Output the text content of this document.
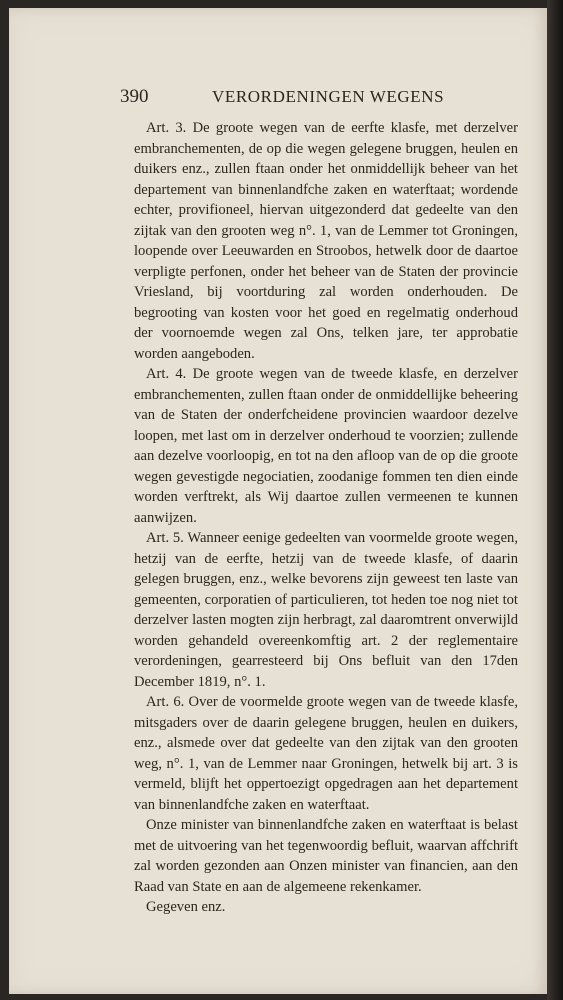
390	VERORDENINGEN WEGENS

Art. 3. De groote wegen van de eerfte klasfe, met derzelver embranchementen, de op die wegen gelegene bruggen, heulen en duikers enz., zullen ftaan onder het onmiddellijk beheer van het departement van binnenlandfche zaken en waterftaat; wordende echter, provifioneel, hiervan uitgezonderd dat gedeelte van den zijtak van den grooten weg n°. 1, van de Lemmer tot Groningen, loopende over Leeuwarden en Stroobos, hetwelk door de daartoe verpligte perfonen, onder het beheer van de Staten der provincie Vriesland, bij voortduring zal worden onderhouden. De begrooting van kosten voor het goed en regelmatig onderhoud der voornoemde wegen zal Ons, telken jare, ter approbatie worden aangeboden.

Art. 4. De groote wegen van de tweede klasfe, en derzelver embranchementen, zullen ftaan onder de onmiddellijke beheering van de Staten der onderfcheidene provincien waardoor dezelve loopen, met last om in derzelver onderhoud te voorzien; zullende aan dezelve voorloopig, en tot na den afloop van de op die groote wegen gevestigde negociatien, zoodanige fommen ten dien einde worden verftrekt, als Wij daartoe zullen vermeenen te kunnen aanwijzen.

Art. 5. Wanneer eenige gedeelten van voormelde groote wegen, hetzij van de eerfte, hetzij van de tweede klasfe, of daarin gelegen bruggen, enz., welke bevorens zijn geweest ten laste van gemeenten, corporatien of particulieren, tot heden toe nog niet tot derzelver lasten mogten zijn herbragt, zal daaromtrent onverwijld worden gehandeld overeenkomftig art. 2 der reglementaire verordeningen, gearresteerd bij Ons befluit van den 17den December 1819, n°. 1.

Art. 6. Over de voormelde groote wegen van de tweede klasfe, mitsgaders over de daarin gelegene bruggen, heulen en duikers, enz., alsmede over dat gedeelte van den zijtak van den grooten weg, n°. 1, van de Lemmer naar Groningen, hetwelk bij art. 3 is vermeld, blijft het oppertoezigt opgedragen aan het departement van binnenlandfche zaken en waterftaat.

Onze minister van binnenlandfche zaken en waterftaat is belast met de uitvoering van het tegenwoordig befluit, waarvan affchrift zal worden gezonden aan Onzen minister van financien, aan den Raad van State en aan de algemeene rekenkamer.

Gegeven enz.
